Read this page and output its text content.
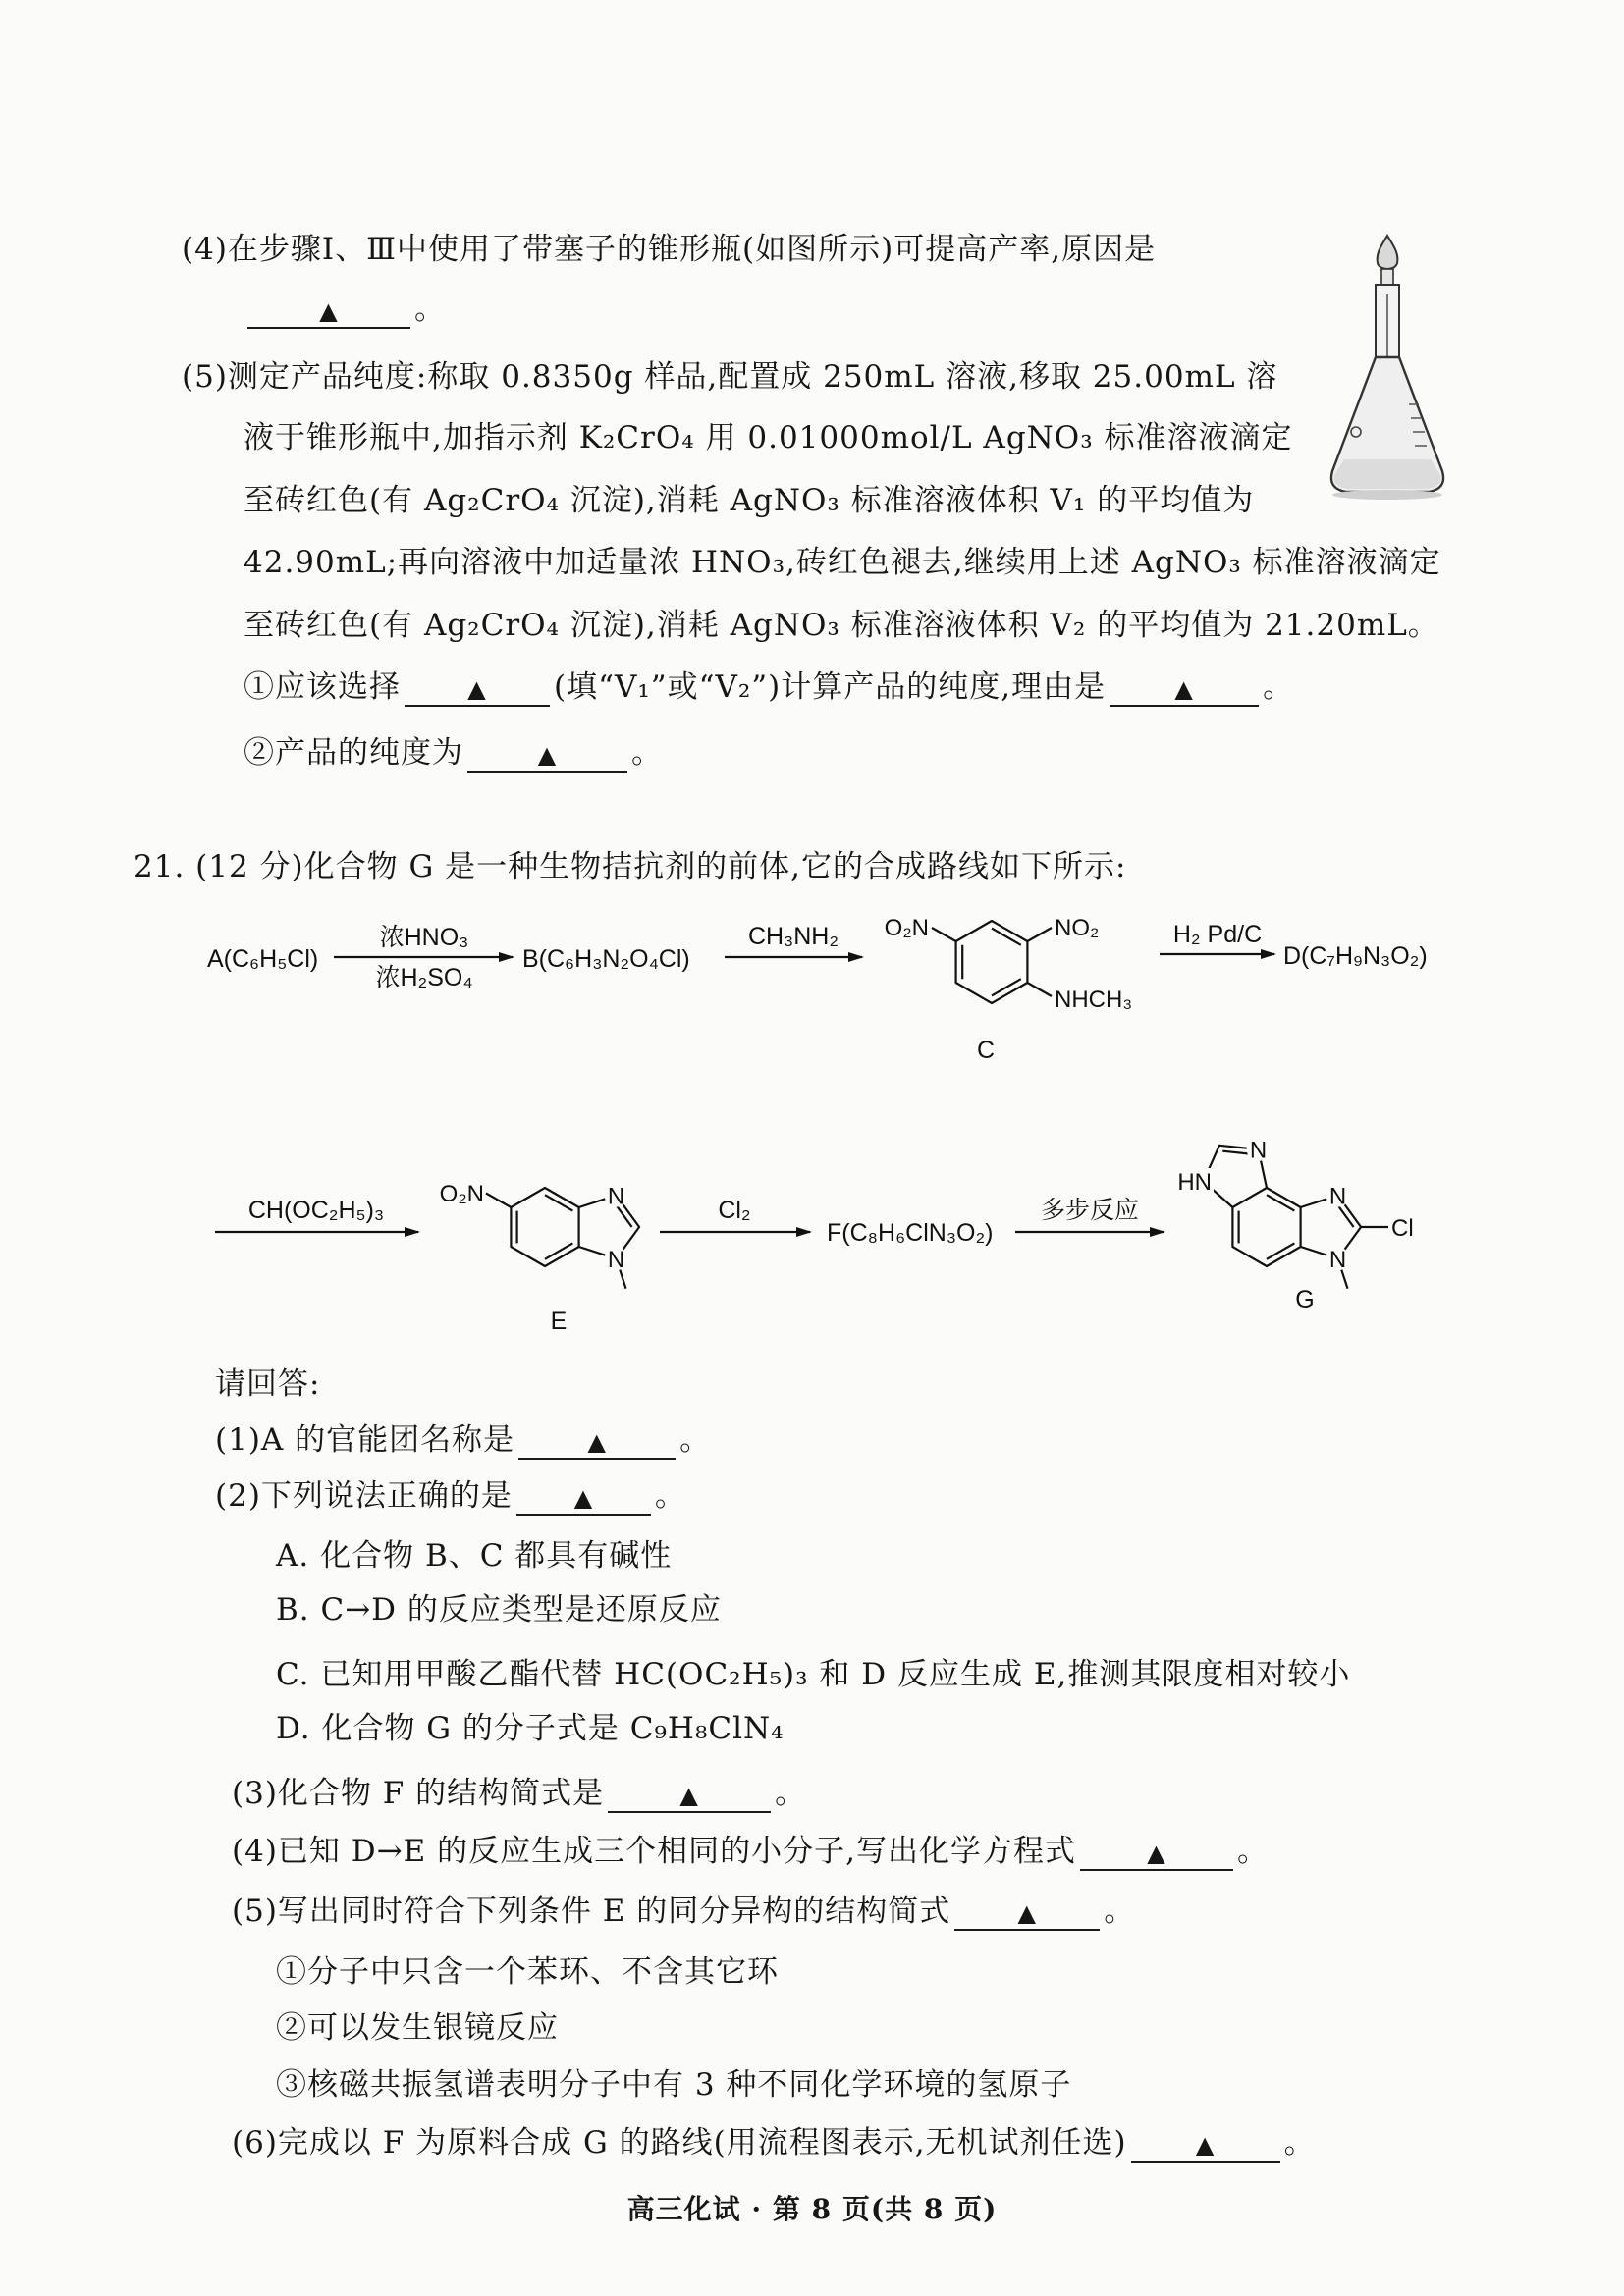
(4)在步骤Ⅰ、Ⅲ中使用了带塞子的锥形瓶(如图所示)可提高产率,原因是
▲ 。
(5)测定产品纯度:称取 0.8350g 样品,配置成 250mL 溶液,移取 25.00mL 溶
液于锥形瓶中,加指示剂 K₂CrO₄ 用 0.01000mol/L AgNO₃ 标准溶液滴定
至砖红色(有 Ag₂CrO₄ 沉淀),消耗 AgNO₃ 标准溶液体积 V₁ 的平均值为
42.90mL;再向溶液中加适量浓 HNO₃,砖红色褪去,继续用上述 AgNO₃ 标准溶液滴定
至砖红色(有 Ag₂CrO₄ 沉淀),消耗 AgNO₃ 标准溶液体积 V₂ 的平均值为 21.20mL。
①应该选择	▲ (填“V₁”或“V₂”)计算产品的纯度,理由是	▲ 。
②产品的纯度为	▲ 。
21. (12 分)化合物 G 是一种生物拮抗剂的前体,它的合成路线如下所示:
A(C₆H₅Cl)
浓HNO₃
浓H₂SO₄
B(C₆H₃N₂O₄Cl)
CH₃NH₂ O₂N	NO₂
NHCH₃
C
H₂ Pd/C
D(C₇H₉N₃O₂)
CH(OC₂H₅)₃
O₂N	N
N
E
Cl₂
F(C₈H₆ClN₃O₂)
多步反应
N
HN
N
N
Cl
G
请回答:
(1)A 的官能团名称是	▲ 。
(2)下列说法正确的是	▲ 。
A. 化合物 B、C 都具有碱性
B. C→D 的反应类型是还原反应
C. 已知用甲酸乙酯代替 HC(OC₂H₅)₃ 和 D 反应生成 E,推测其限度相对较小
D. 化合物 G 的分子式是 C₉H₈ClN₄
(3)化合物 F 的结构简式是	▲ 。
(4)已知 D→E 的反应生成三个相同的小分子,写出化学方程式	▲ 。
(5)写出同时符合下列条件 E 的同分异构的结构简式	▲ 。
①分子中只含一个苯环、不含其它环
②可以发生银镜反应
③核磁共振氢谱表明分子中有 3 种不同化学环境的氢原子
(6)完成以 F 为原料合成 G 的路线(用流程图表示,无机试剂任选)	▲ 。
高三化试 · 第 8 页(共 8 页)
